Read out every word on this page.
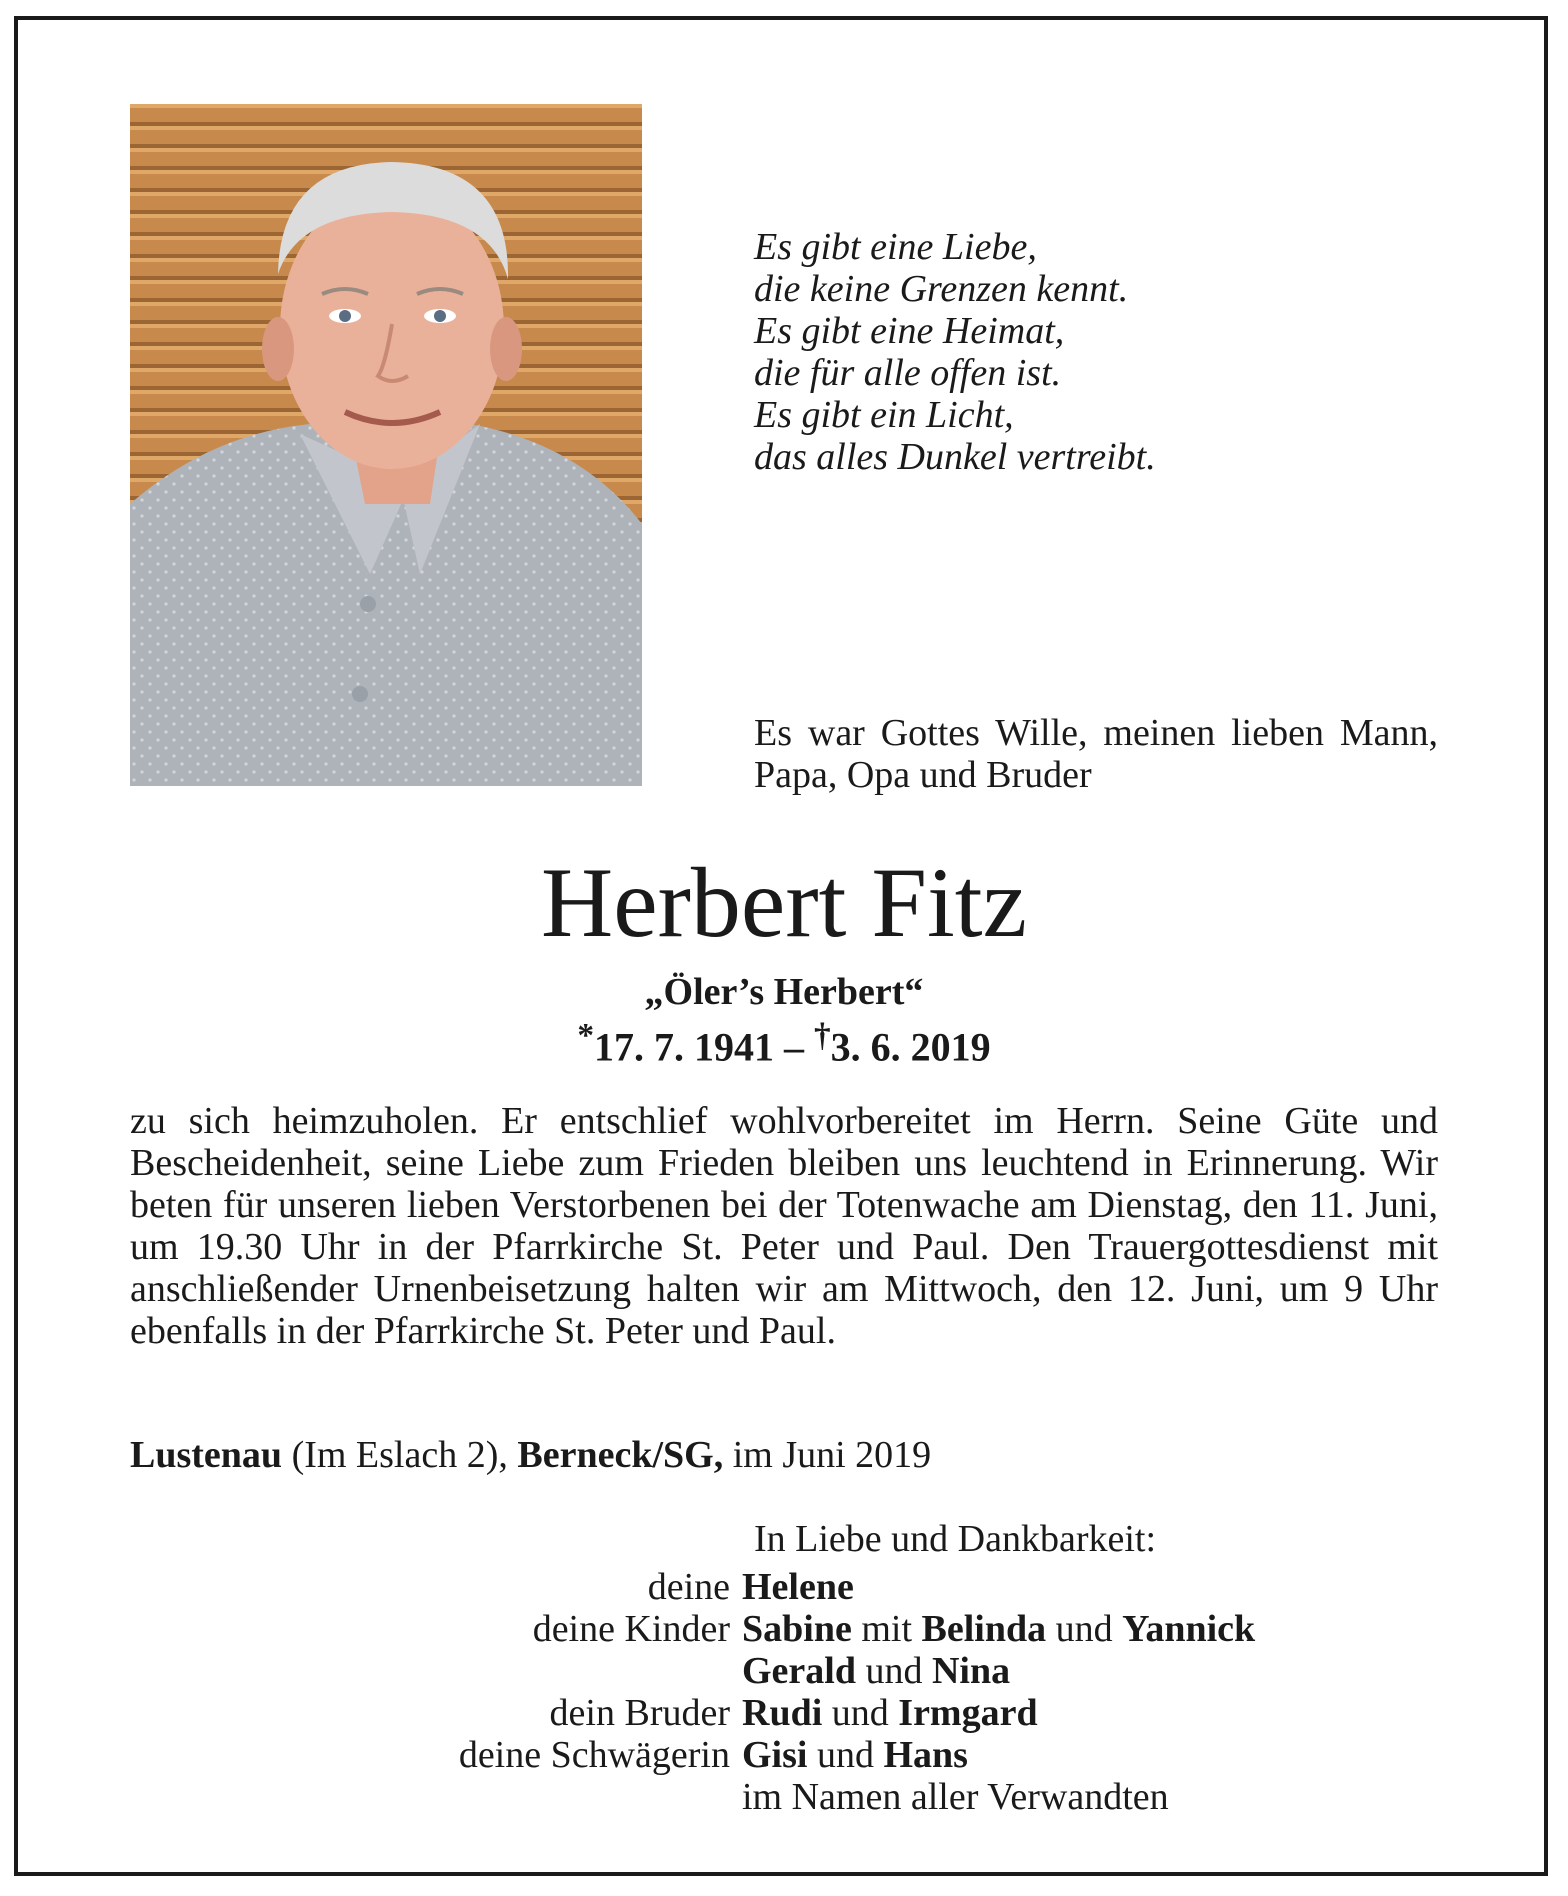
Es gibt eine Liebe,
die keine Grenzen kennt.
Es gibt eine Heimat,
die für alle offen ist.
Es gibt ein Licht,
das alles Dunkel vertreibt.
Es war Gottes Wille, meinen lieben Mann, Papa, Opa und Bruder
Herbert Fitz
„Öler’s Herbert“
*17. 7. 1941 – †3. 6. 2019
zu sich heimzuholen. Er entschlief wohlvorbereitet im Herrn. Seine Güte und Bescheidenheit, seine Liebe zum Frieden bleiben uns leuchtend in Erinnerung. Wir beten für unseren lieben Verstorbenen bei der Totenwache am Dienstag, den 11. Juni, um 19.30 Uhr in der Pfarrkirche St. Peter und Paul. Den Trauergottesdienst mit anschließender Urnenbeisetzung halten wir am Mittwoch, den 12. Juni, um 9 Uhr ebenfalls in der Pfarrkirche St. Peter und Paul.
Lustenau (Im Eslach 2), Berneck/SG, im Juni 2019
In Liebe und Dankbarkeit:
deine Helene
deine Kinder Sabine mit Belinda und Yannick
Gerald und Nina
dein Bruder Rudi und Irmgard
deine Schwägerin Gisi und Hans
im Namen aller Verwandten
